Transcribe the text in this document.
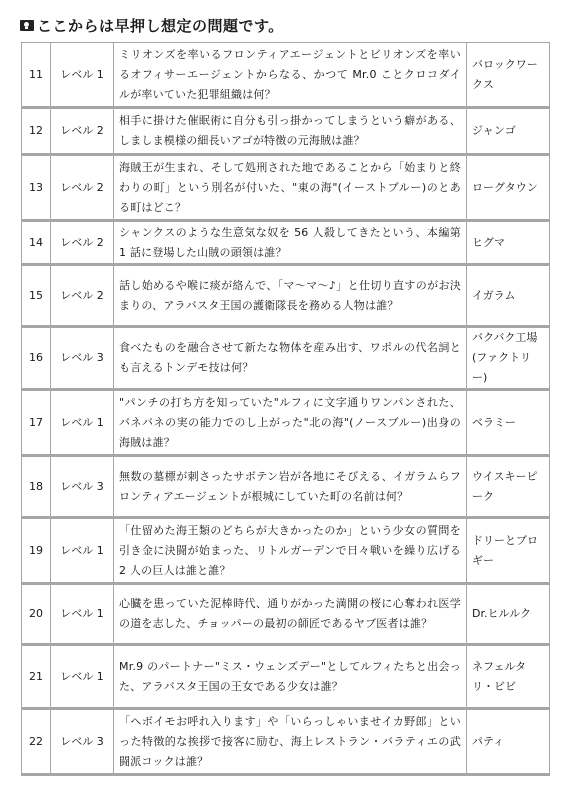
ここからは早押し想定の問題です。
11	レベル 1	ミリオンズを率いるフロンティアエージェントとビリオンズを率いるオフィサーエージェントからなる、かつて Mr.0 ことクロコダイルが率いていた犯罪組織は何？	バロックワークス
12	レベル 2	相手に掛けた催眠術に自分も引っ掛かってしまうという癖がある、しましま模様の細長いアゴが特徴の元海賊は誰？	ジャンゴ
13	レベル 2	海賊王が生まれ、そして処刑された地であることから「始まりと終わりの町」という別名が付いた、"東の海"(イーストブルー)のとある町はどこ？	ローグタウン
14	レベル 2	シャンクスのような生意気な奴を 56 人殺してきたという、本編第 1 話に登場した山賊の頭領は誰？	ヒグマ
15	レベル 2	話し始めるや喉に痰が絡んで、「マ～マ～♪」と仕切り直すのがお決まりの、アラバスタ王国の護衛隊長を務める人物は誰？	イガラム
16	レベル 3	食べたものを融合させて新たな物体を産み出す、ワポルの代名詞とも言えるトンデモ技は何？	バクバク工場(ファクトリー)
17	レベル 1	"パンチの打ち方を知っていた"ルフィに文字通りワンパンされた、バネバネの実の能力でのし上がった"北の海"(ノースブルー)出身の海賊は誰？	ベラミー
18	レベル 3	無数の墓標が刺さったサボテン岩が各地にそびえる、イガラムらフロンティアエージェントが根城にしていた町の名前は何？	ウイスキーピーク
19	レベル 1	「仕留めた海王類のどちらが大きかったのか」という少女の質問を引き金に決闘が始まった、リトルガーデンで日々戦いを繰り広げる 2 人の巨人は誰と誰？	ドリーとブロギー
20	レベル 1	心臓を患っていた泥棒時代、通りがかった満開の桜に心奪われ医学の道を志した、チョッパーの最初の師匠であるヤブ医者は誰？	Dr.ヒルルク
21	レベル 1	Mr.9 のパートナー"ミス・ウェンズデー"としてルフィたちと出会った、アラバスタ王国の王女である少女は誰？	ネフェルタリ・ビビ
22	レベル 3	「ヘボイモお呼れ入ります」や「いらっしゃいませイカ野郎」といった特徴的な挨拶で接客に励む、海上レストラン・バラティエの武闘派コックは誰？	パティ
